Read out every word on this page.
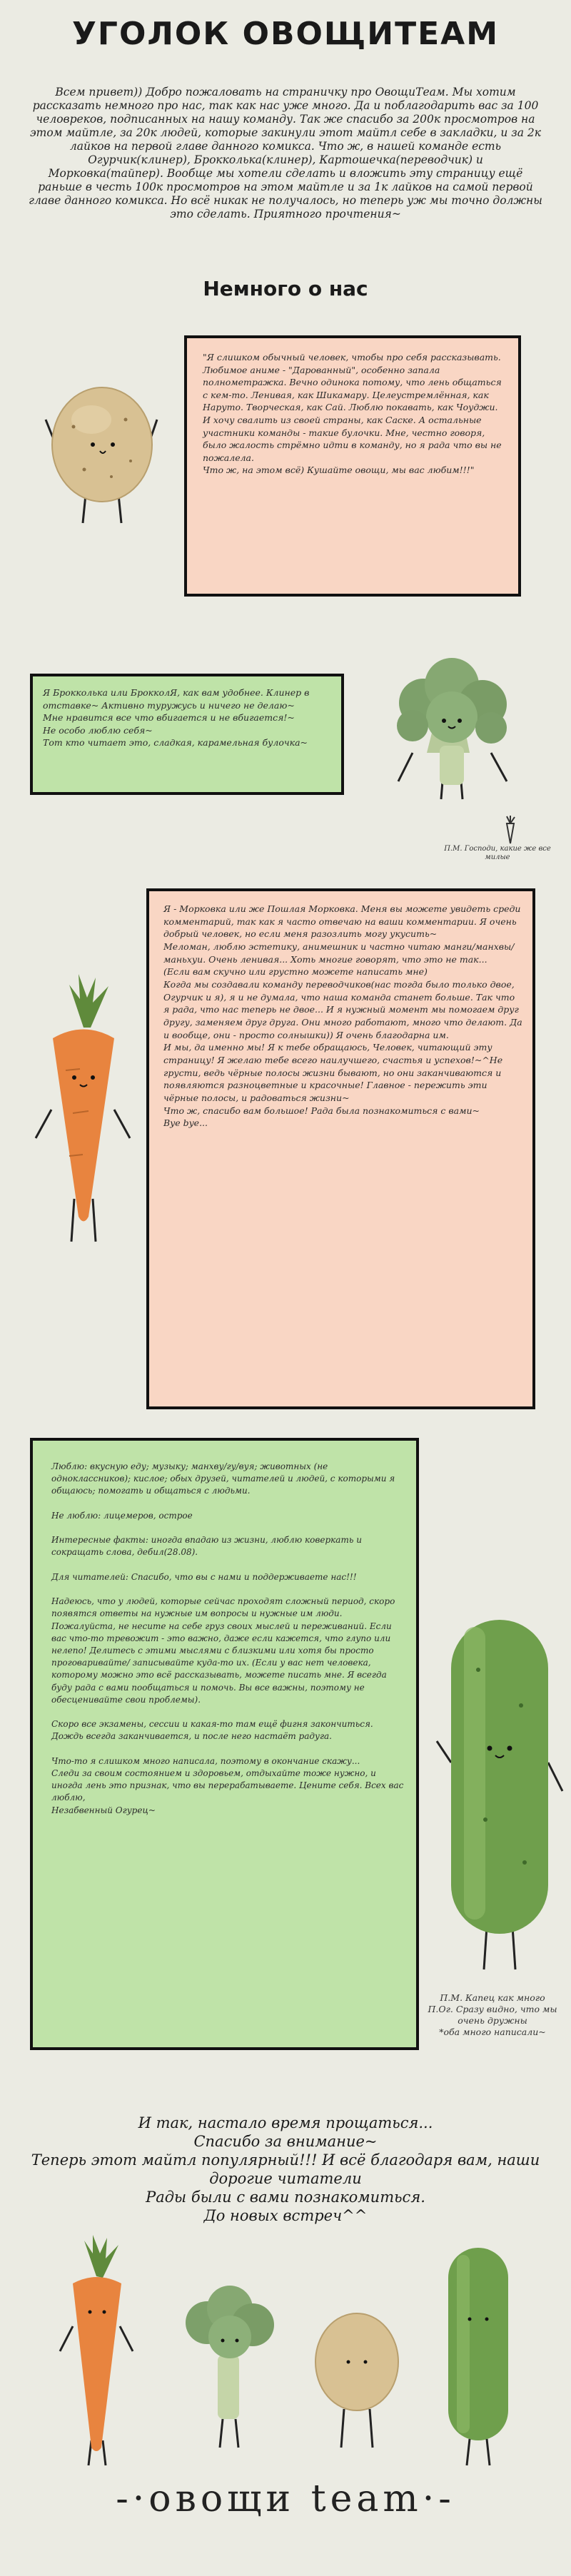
УГОЛОК ОВОЩИТЕАМ
Всем привет)) Добро пожаловать на страничку про ОвощиТеам. Мы хотим рассказать немного про нас, так как нас уже много. Да и поблагодарить вас за 100 человреков, подписанных на нашу команду. Так же спасибо за 200к просмотров на этом майтле, за 20к людей, которые закинули этот майтл себе в закладки, и за 2к лайков на первой главе данного комикса. Что ж, в нашей команде есть Огурчик(клинер), Брокколька(клинер), Картошечка(переводчик) и Морковка(тайпер). Вообще мы хотели сделать и вложить эту страницу ещё раньше в честь 100к просмотров на этом майтле и за 1к лайков на самой первой главе данного комикса. Но всё никак не получалось, но теперь уж мы точно должны это сделать. Приятного прочтения~
Немного о нас

"Я слишком обычный человек, чтобы про себя рассказывать.
Любимое аниме - "Дарованный", особенно запала полнометражка. Вечно одинока потому, что лень общаться с кем-то. Ленивая, как Шикамару. Целеустремлённая, как Наруто. Творческая, как Сай. Люблю покавать, как Чоуджи.
И хочу свалить из своей страны, как Саске. А остальные участники команды - такие булочки. Мне, честно говоря, было жалость стрёмно идти в команду, но я рада что вы не пожалела.
Что ж, на этом всё) Кушайте овощи, мы вас любим!!!"

Я Брокколька или БрокколЯ, как вам удобнее. Клинер в отставке~ Активно туружусь и ничего не делаю~
Мне нравится все что вбигается и не вбигается!~
Не особо люблю себя~
Тот кто читает это, сладкая, карамельная булочка~

П.М. Господи, какие же все милые

Я - Морковка или же Пошлая Морковка. Меня вы можете увидеть среди комментарий, так как я часто отвечаю на ваши комментарии. Я очень добрый человек, но если меня разозлить могу укусить~
Меломан, люблю эстетику, анимешник и частно читаю манги/манхвы/маньхуи. Очень ленивая... Хоть многие говорят, что это не так...
(Если вам скучно или грустно можете написать мне)
Когда мы создавали команду переводчиков(нас тогда было только двое, Огурчик и я), я и не думала, что наша команда станет больше. Так что я рада, что нас теперь не двое... И я нужный момент мы помогаем друг другу, заменяем друг друга. Они много работают, много что делают. Да и вообще, они - просто солнышки)) Я очень благодарна им.
И мы, да именно мы! Я к тебе обращаюсь, Человек, читающий эту страницу! Я желаю тебе всего наилучшего, счастья и успехов!~^Не грусти, ведь чёрные полосы жизни бывают, но они заканчиваются и появляются разноцветные и красочные! Главное - пережить эти чёрные полосы, и радоваться жизни~
Что ж, спасибо вам большое! Рада была познакомиться с вами~
Bye bye...

Люблю: вкусную еду; музыку; манхву/гу/вуя; животных (не одноклассников); кислое; обых друзей, читателей и людей, с которыми я общаюсь; помогать и общаться с людьми.

Не люблю: лицемеров, острое

Интересные факты: иногда впадаю из жизни, люблю коверкать и сокращать слова, дебил(28.08).

Для читателей: Спасибо, что вы с нами и поддерживаете нас!!!

Надеюсь, что у людей, которые сейчас проходят сложный период, скоро появятся ответы на нужные им вопросы и нужные им люди. Пожалуйста, не несите на себе груз своих мыслей и переживаний. Если вас что-то тревожит - это важно, даже если кажется, что глупо или нелепо! Делитесь с этими мыслями с близкими или хотя бы просто проговаривайте/ записывайте куда-то их. (Если у вас нет человека, которому можно это всё рассказывать, можете писать мне. Я всегда буду рада с вами пообщаться и помочь. Вы все важны, поэтому не обесценивайте свои проблемы).

Скоро все экзамены, сессии и какая-то там ещё фигня закончиться. Дождь всегда заканчивается, и после него настаёт радуга.

Что-то я слишком много написала, поэтому в окончание скажу...
Следи за своим состоянием и здоровьем, отдыхайте тоже нужно, и иногда лень это признак, что вы перерабатываете. Цените себя. Всех вас люблю,
Незабвенный Огурец~

П.М. Капец как много
П.Ог. Сразу видно, что мы очень дружны
*оба много написали~
И так, настало время прощаться...
Спасибо за внимание~
Теперь этот майтл популярный!!! И всё благодаря вам, наши дорогие читатели
Рады были с вами познакомиться.
До новых встреч^^
-·овощи team·-
